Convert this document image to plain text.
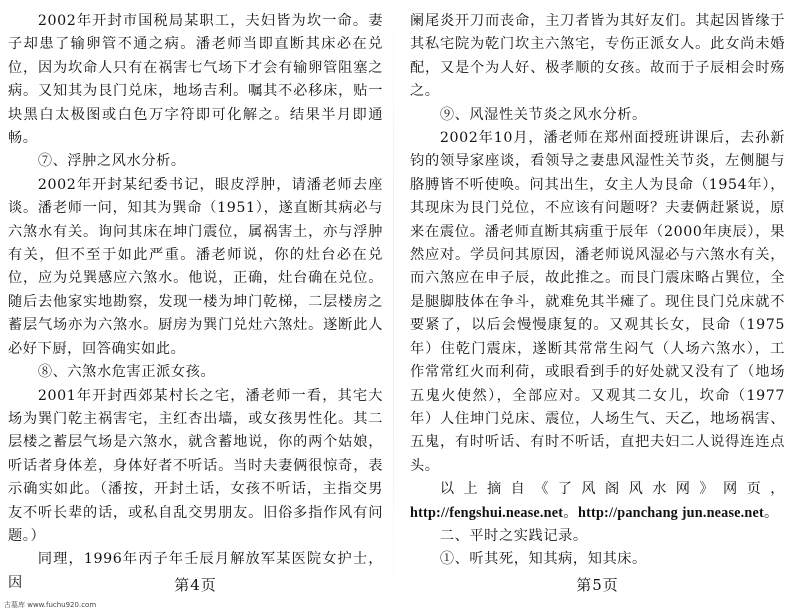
2002年开封市国税局某职工，夫妇皆为坎一命。妻子却患了输卵管不通之病。潘老师当即直断其床必在兑位，因为坎命人只有在祸害七气场下才会有输卵管阻塞之病。又知其为艮门兑床，地场吉利。嘱其不必移床，贴一块黑白太极图或白色万字符即可化解之。结果半月即通畅。

⑦、浮肿之风水分析。

2002年开封某纪委书记，眼皮浮肿，请潘老师去座谈。潘老师一问，知其为巽命（1951），遂直断其病必与六煞水有关。询问其床在坤门震位，属祸害土，亦与浮肿有关，但不至于如此严重。潘老师说，你的灶台必在兑位，应为兑巽感应六煞水。他说，正确，灶台确在兑位。随后去他家实地勘察，发现一楼为坤门乾梯，二层楼房之蓄层气场亦为六煞水。厨房为巽门兑灶六煞灶。遂断此人必好下厨，回答确实如此。

⑧、六煞水危害正派女孩。

2001年开封西郊某村长之宅，潘老师一看，其宅大场为巽门乾主祸害宅，主红杏出墙，或女孩男性化。其二层楼之蓄层气场是六煞水，就含蓄地说，你的两个姑娘，听话者身体差，身体好者不听话。当时夫妻俩很惊奇，表示确实如此。（潘按，开封土话，女孩不听话，主指交男友不听长辈的话，或私自乱交男朋友。旧俗多指作风有问题。）

同理，1996年丙子年壬辰月解放军某医院女护士，因	第4页

阑尾炎开刀而丧命，主刀者皆为其好友们。其起因皆缘于其私宅院为乾门坎主六煞宅，专伤正派女人。此女尚未婚配，又是个为人好、极孝顺的女孩。故而于子辰相会时殇之。

⑨、风湿性关节炎之风水分析。

2002年10月，潘老师在郑州面授班讲课后，去孙新钧的领导家座谈，看领导之妻患风湿性关节炎，左侧腿与胳膊皆不听使唤。问其出生，女主人为艮命（1954年），其现床为艮门兑位，不应该有问题呀？夫妻俩赶紧说，原来在震位。潘老师直断其病重于辰年（2000年庚辰），果然应对。学员问其原因，潘老师说风湿必与六煞水有关，而六煞应在申子辰，故此推之。而艮门震床略占巽位，全是腿脚肢体在争斗，就难免其半瘫了。现住艮门兑床就不要紧了，以后会慢慢康复的。又观其长女，艮命（1975年）住乾门震床，遂断其常常生闷气（人场六煞水），工作常常红火而利荷，或眼看到手的好处就又没有了（地场五鬼火使然），全部应对。又观其二女儿，坎命（1977年）人住坤门兑床、震位，人场生气、天乙，地场祸害、五鬼，有时听话、有时不听话，直把夫妇二人说得连连点头。

以上摘自《了风阁风水网》网页，http://fengshui.nease.net。http://panchang jun.nease.net。

二、平时之实践记录。

①、听其死，知其病，知其床。

第5页
古墓库 www.fuchu920.com
